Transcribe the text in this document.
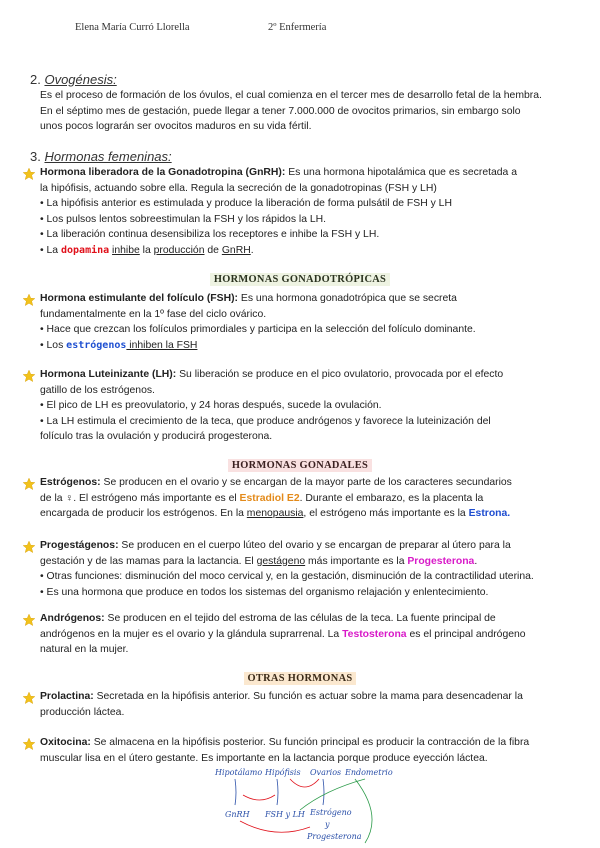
Elena María Curró Llorella	2º Enfermería
2. Ovogénesis:
Es el proceso de formación de los óvulos, el cual comienza en el tercer mes de desarrollo fetal de la hembra.
En el séptimo mes de gestación, puede llegar a tener 7.000.000 de ovocitos primarios, sin embargo solo
unos pocos lograrán ser ovocitos maduros en su vida fértil.
3. Hormonas femeninas:
Hormona liberadora de la Gonadotropina (GnRH): Es una hormona hipotalámica que es secretada a
la hipófisis, actuando sobre ella. Regula la secreción de la gonadotropinas (FSH y LH)
• La hipófisis anterior es estimulada y produce la liberación de forma pulsátil de FSH y LH
• Los pulsos lentos sobreestimulan la FSH y los rápidos la LH.
• La liberación continua desensibiliza los receptores e inhibe la FSH y LH.
• La dopamina inhibe la producción de GnRH.
HORMONAS GONADOTRÓPICAS
Hormona estimulante del folículo (FSH): Es una hormona gonadotrópica que se secreta
fundamentalmente en la 1º fase del ciclo ovárico.
• Hace que crezcan los folículos primordiales y participa en la selección del folículo dominante.
• Los estrógenos inhiben la FSH
Hormona Luteinizante (LH): Su liberación se produce en el pico ovulatorio, provocada por el efecto
gatillo de los estrógenos.
• El pico de LH es preovulatorio, y 24 horas después, sucede la ovulación.
• La LH estimula el crecimiento de la teca, que produce andrógenos y favorece la luteinización del
folículo tras la ovulación y producirá progesterona.
HORMONAS GONADALES
Estrógenos: Se producen en el ovario y se encargan de la mayor parte de los caracteres secundarios
de la ♀. El estrógeno más importante es el Estradiol E2. Durante el embarazo, es la placenta la
encargada de producir los estrógenos. En la menopausia, el estrógeno más importante es la Estrona.
Progestágenos: Se producen en el cuerpo lúteo del ovario y se encargan de preparar al útero para la
gestación y de las mamas para la lactancia. El gestágeno más importante es la Progesterona.
• Otras funciones: disminución del moco cervical y, en la gestación, disminución de la contractilidad uterina.
• Es una hormona que produce en todos los sistemas del organismo relajación y enlentecimiento.
Andrógenos: Se producen en el tejido del estroma de las células de la teca. La fuente principal de
andrógenos en la mujer es el ovario y la glándula suprarrenal. La Testosterona es el principal andrógeno
natural en la mujer.
OTRAS HORMONAS
Prolactina: Secretada en la hipófisis anterior. Su función es actuar sobre la mama para desencadenar la
producción láctea.
Oxitocina: Se almacena en la hipófisis posterior. Su función principal es producir la contracción de la fibra
muscular lisa en el útero gestante. Es importante en la lactancia porque produce eyección láctea.
Hipotálamo Hipófisis Ovarios Endometrio
GnRH FSH y LH Estrógeno
y
Progesterona
